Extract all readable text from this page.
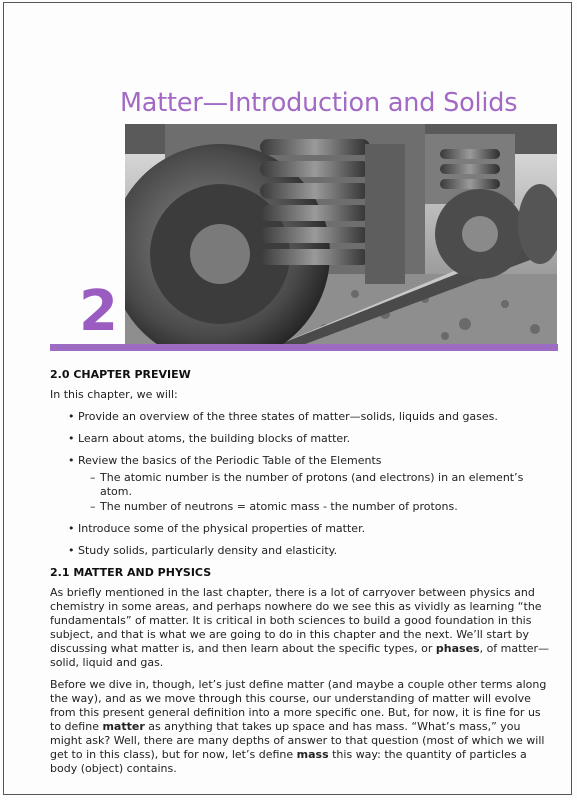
Matter—Introduction and Solids
2
2.0 CHAPTER PREVIEW

In this chapter, we will:

• Provide an overview of the three states of matter—solids, liquids and gases.
• Learn about atoms, the building blocks of matter.
• Review the basics of the Periodic Table of the Elements
– The atomic number is the number of protons (and electrons) in an element’s atom.
– The number of neutrons = atomic mass - the number of protons.
• Introduce some of the physical properties of matter.
• Study solids, particularly density and elasticity.
2.1 MATTER AND PHYSICS

As briefly mentioned in the last chapter, there is a lot of carryover between physics and chemistry in some areas, and perhaps nowhere do we see this as vividly as learning “the fundamentals” of matter. It is critical in both sciences to build a good foundation in this subject, and that is what we are going to do in this chapter and the next. We’ll start by discussing what matter is, and then learn about the specific types, or phases, of matter—solid, liquid and gas.

Before we dive in, though, let’s just define matter (and maybe a couple other terms along the way), and as we move through this course, our understanding of matter will evolve from this present general definition into a more specific one. But, for now, it is fine for us to define matter as anything that takes up space and has mass. “What’s mass,” you might ask? Well, there are many depths of answer to that question (most of which we will get to in this class), but for now, let’s define mass this way: the quantity of particles a body (object) contains.
